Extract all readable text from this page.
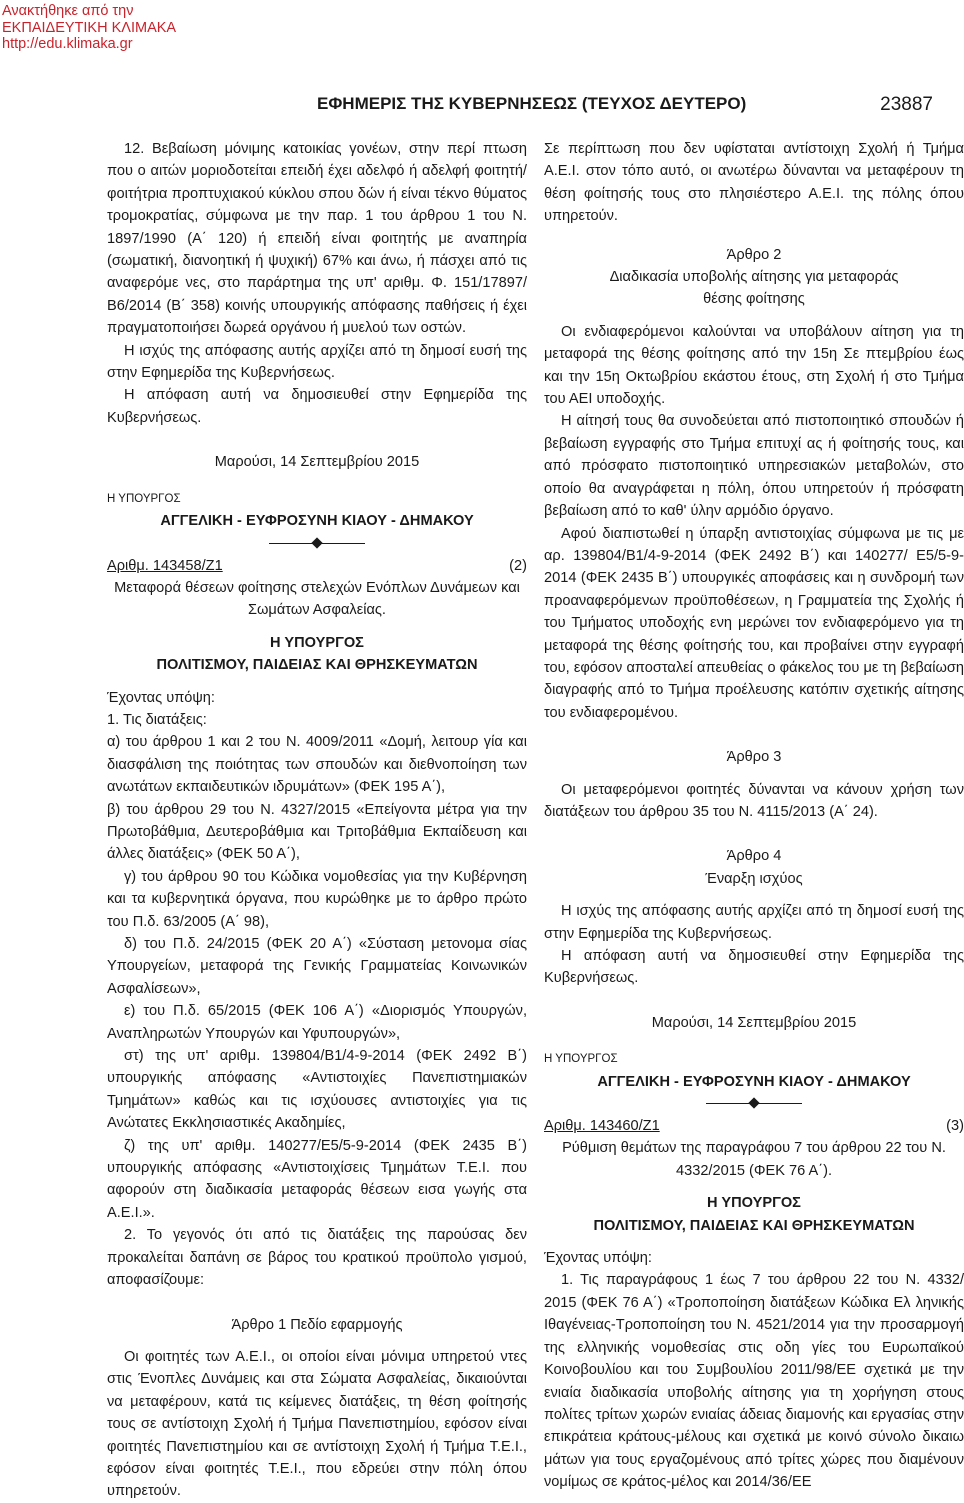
Ανακτήθηκε από την
ΕΚΠΑΙΔΕΥΤΙΚΗ ΚΛΙΜΑΚΑ
http://edu.klimaka.gr
ΕΦΗΜΕΡΙΣ ΤΗΣ ΚΥΒΕΡΝΗΣΕΩΣ (ΤΕΥΧΟΣ ΔΕΥΤΕΡΟ)	23887

12. Βεβαίωση μόνιμης κατοικίας γονέων, στην περί πτωση που ο αιτών μοριοδοτείται επειδή έχει αδελφό ή αδελφή φοιτητή/φοιτήτρια προπτυχιακού κύκλου σπου δών ή είναι τέκνο θύματος τρομοκρατίας, σύμφωνα με την παρ. 1 του άρθρου 1 του Ν. 1897/1990 (Α΄ 120) ή επειδή είναι φοιτητής με αναπηρία (σωματική, διανοητική ή ψυχική) 67% και άνω, ή πάσχει από τις αναφερόμε νες, στο παράρτημα της υπ' αριθμ. Φ. 151/17897/Β6/2014 (Β΄ 358) κοινής υπουργικής απόφασης παθήσεις ή έχει πραγματοποιήσει δωρεά οργάνου ή μυελού των οστών.

Η ισχύς της απόφασης αυτής αρχίζει από τη δημοσί ευσή της στην Εφημερίδα της Κυβερνήσεως.

Η απόφαση αυτή να δημοσιευθεί στην Εφημερίδα της Κυβερνήσεως.

Μαρούσι, 14 Σεπτεμβρίου 2015

Η ΥΠΟΥΡΓΟΣ

ΑΓΓΕΛΙΚΗ - ΕΥΦΡΟΣΥΝΗ ΚΙΑΟΥ - ΔΗΜΑΚΟΥ

Αριθμ. 143458/Ζ1	(2)

Μεταφορά θέσεων φοίτησης στελεχών Ενόπλων Δυνάμεων και Σωμάτων Ασφαλείας.

Η ΥΠΟΥΡΓΟΣ

ΠΟΛΙΤΙΣΜΟΥ, ΠΑΙΔΕΙΑΣ ΚΑΙ ΘΡΗΣΚΕΥΜΑΤΩΝ

Έχοντας υπόψη:

1. Τις διατάξεις:

α) του άρθρου 1 και 2 του Ν. 4009/2011 «Δομή, λειτουρ γία και διασφάλιση της ποιότητας των σπουδών και διεθνοποίηση των ανωτάτων εκπαιδευτικών ιδρυμάτων» (ΦΕΚ 195 Α΄),

β) του άρθρου 29 του Ν. 4327/2015 «Επείγοντα μέτρα για την Πρωτοβάθμια, Δευτεροβάθμια και Τριτοβάθμια Εκπαίδευση και άλλες διατάξεις» (ΦΕΚ 50 Α΄),

γ) του άρθρου 90 του Κώδικα νομοθεσίας για την Κυβέρνηση και τα κυβερνητικά όργανα, που κυρώθηκε με το άρθρο πρώτο του Π.δ. 63/2005 (Α΄ 98),

δ) του Π.δ. 24/2015 (ΦΕΚ 20 Α΄) «Σύσταση μετονομα σίας Υπουργείων, μεταφορά της Γενικής Γραμματείας Κοινωνικών Ασφαλίσεων»,

ε) του Π.δ. 65/2015 (ΦΕΚ 106 Α΄) «Διορισμός Υπουργών, Αναπληρωτών Υπουργών και Υφυπουργών»,

στ) της υπ' αριθμ. 139804/Β1/4-9-2014 (ΦΕΚ 2492 Β΄) υπουργικής απόφασης «Αντιστοιχίες Πανεπιστημιακών Τμημάτων» καθώς και τις ισχύουσες αντιστοιχίες για τις Ανώτατες Εκκλησιαστικές Ακαδημίες,

ζ) της υπ' αριθμ. 140277/Ε5/5-9-2014 (ΦΕΚ 2435 Β΄) υπουργικής απόφασης «Αντιστοιχίσεις Τμημάτων Τ.Ε.Ι. που αφορούν στη διαδικασία μεταφοράς θέσεων εισα γωγής στα Α.Ε.Ι.».

2. Το γεγονός ότι από τις διατάξεις της παρούσας δεν προκαλείται δαπάνη σε βάρος του κρατικού προϋπολο γισμού, αποφασίζουμε:

Άρθρο 1 Πεδίο εφαρμογής

Οι φοιτητές των Α.Ε.Ι., οι οποίοι είναι μόνιμα υπηρετού ντες στις Ένοπλες Δυνάμεις και στα Σώματα Ασφαλείας, δικαιούνται να μεταφέρουν, κατά τις κείμενες διατάξεις, τη θέση φοίτησής τους σε αντίστοιχη Σχολή ή Τμήμα Πανεπιστημίου, εφόσον είναι φοιτητές Πανεπιστημίου και σε αντίστοιχη Σχολή ή Τμήμα Τ.Ε.Ι., εφόσον είναι φοιτητές Τ.Ε.Ι., που εδρεύει στην πόλη όπου υπηρετούν.

Σε περίπτωση που δεν υφίσταται αντίστοιχη Σχολή ή Τμήμα Α.Ε.Ι. στον τόπο αυτό, οι ανωτέρω δύνανται να μεταφέρουν τη θέση φοίτησής τους στο πλησιέστερο Α.Ε.Ι. της πόλης όπου υπηρετούν.

Άρθρο 2

Διαδικασία υποβολής αίτησης για μεταφοράς

θέσης φοίτησης

Οι ενδιαφερόμενοι καλούνται να υποβάλουν αίτηση για τη μεταφορά της θέσης φοίτησης από την 15η Σε πτεμβρίου έως και την 15η Οκτωβρίου εκάστου έτους, στη Σχολή ή στο Τμήμα του ΑΕΙ υποδοχής.

Η αίτησή τους θα συνοδεύεται από πιστοποιητικό σπουδών ή βεβαίωση εγγραφής στο Τμήμα επιτυχί ας ή φοίτησής τους, και από πρόσφατο πιστοποιητικό υπηρεσιακών μεταβολών, στο οποίο θα αναγράφεται η πόλη, όπου υπηρετούν ή πρόσφατη βεβαίωση από το καθ' ύλην αρμόδιο όργανο.

Αφού διαπιστωθεί η ύπαρξη αντιστοιχίας σύμφωνα με τις με αρ. 139804/Β1/4-9-2014 (ΦΕΚ 2492 Β΄) και 140277/ Ε5/5-9-2014 (ΦΕΚ 2435 Β΄) υπουργικές αποφάσεις και η συνδρομή των προαναφερόμενων προϋποθέσεων, η Γραμματεία της Σχολής ή του Τμήματος υποδοχής ενη μερώνει τον ενδιαφερόμενο για τη μεταφορά της θέσης φοίτησής του, και προβαίνει στην εγγραφή του, εφόσον αποσταλεί απευθείας ο φάκελος του με τη βεβαίωση διαγραφής από το Τμήμα προέλευσης κατόπιν σχετικής αίτησης του ενδιαφερομένου.

Άρθρο 3

Οι μεταφερόμενοι φοιτητές δύνανται να κάνουν χρήση των διατάξεων του άρθρου 35 του Ν. 4115/2013 (Α΄ 24).

Άρθρο 4

Έναρξη ισχύος

Η ισχύς της απόφασης αυτής αρχίζει από τη δημοσί ευσή της στην Εφημερίδα της Κυβερνήσεως.

Η απόφαση αυτή να δημοσιευθεί στην Εφημερίδα της Κυβερνήσεως.

Μαρούσι, 14 Σεπτεμβρίου 2015

Η ΥΠΟΥΡΓΟΣ

ΑΓΓΕΛΙΚΗ - ΕΥΦΡΟΣΥΝΗ ΚΙΑΟΥ - ΔΗΜΑΚΟΥ

Αριθμ. 143460/Ζ1	(3)

Ρύθμιση θεμάτων της παραγράφου 7 του άρθρου 22 του Ν. 4332/2015 (ΦΕΚ 76 Α΄).

Η ΥΠΟΥΡΓΟΣ

ΠΟΛΙΤΙΣΜΟΥ, ΠΑΙΔΕΙΑΣ ΚΑΙ ΘΡΗΣΚΕΥΜΑΤΩΝ

Έχοντας υπόψη:

1. Τις παραγράφους 1 έως 7 του άρθρου 22 του Ν. 4332/ 2015 (ΦΕΚ 76 Α΄) «Τροποποίηση διατάξεων Κώδικα Ελ ληνικής Ιθαγένειας-Τροποποίηση του Ν. 4521/2014 για την προσαρμογή της ελληνικής νομοθεσίας στις οδη γίες του Ευρωπαϊκού Κοινοβουλίου και του Συμβουλίου 2011/98/ΕΕ σχετικά με την ενιαία διαδικασία υποβολής αίτησης για τη χορήγηση στους πολίτες τρίτων χωρών ενιαίας άδειας διαμονής και εργασίας στην επικράτεια κράτους-μέλους και σχετικά με κοινό σύνολο δικαιω μάτων για τους εργαζομένους από τρίτες χώρες που διαμένουν νομίμως σε κράτος-μέλος και 2014/36/ΕΕ
